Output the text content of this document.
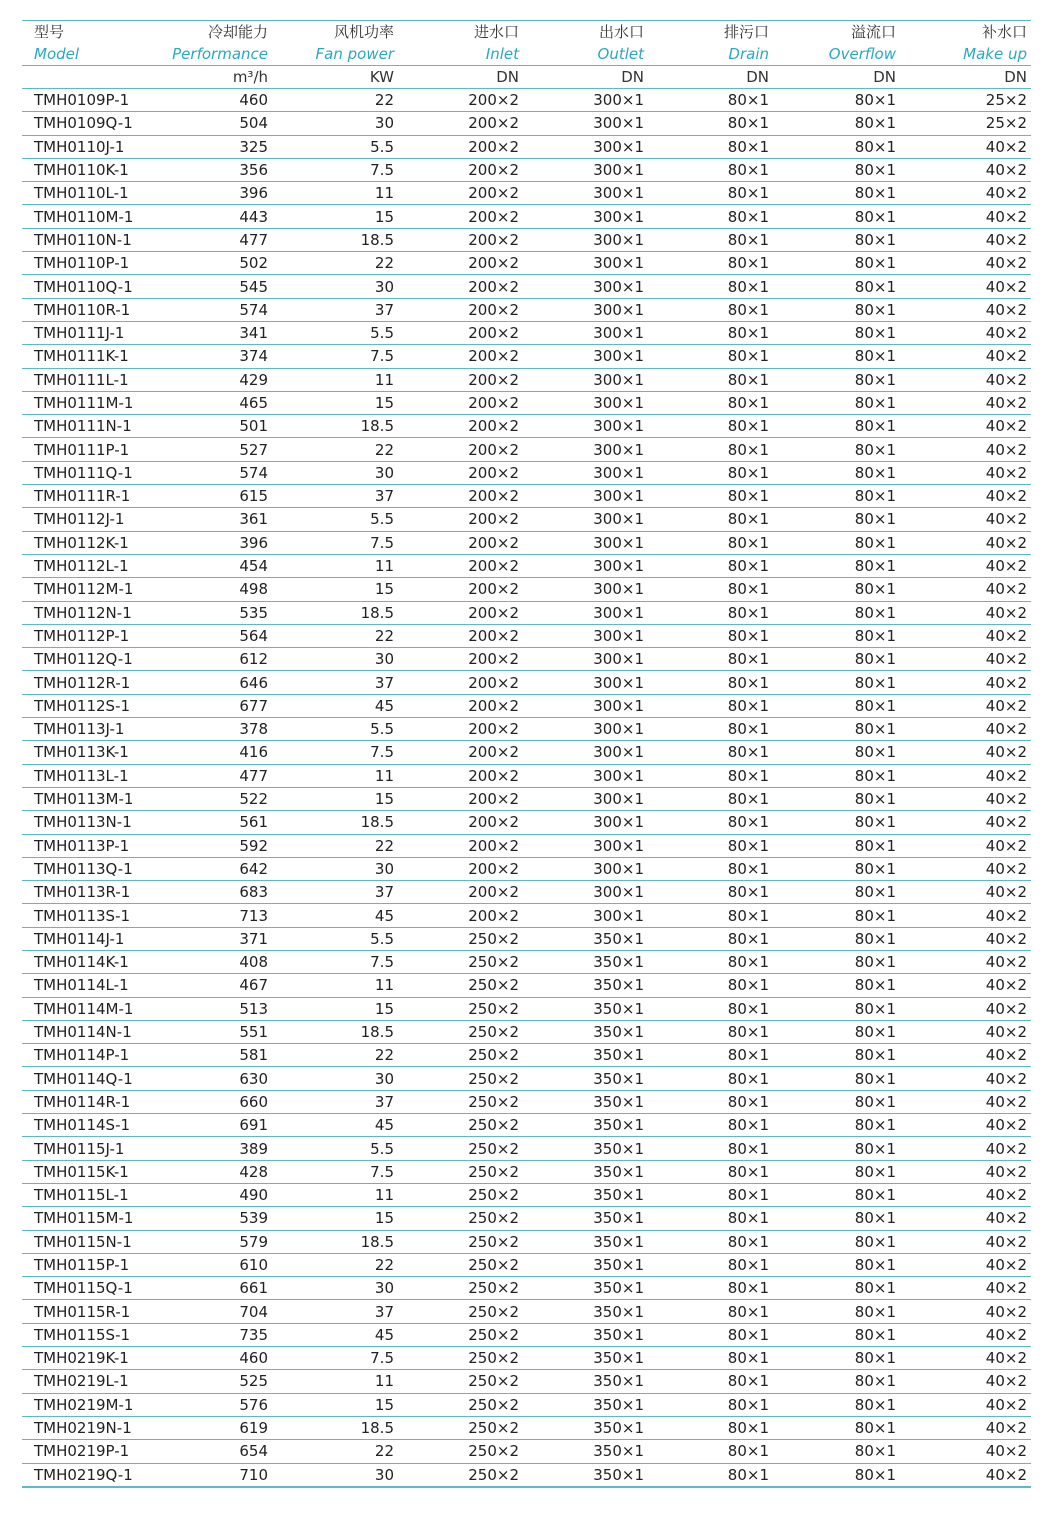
型号	冷却能力	风机功率	进水口	出水口	排污口	溢流口	补水口
Model	Performance	Fan power	Inlet	Outlet	Drain	Overflow	Make up
	m³/h	KW	DN	DN	DN	DN	DN
TMH0109P-1	460	22	200×2	300×1	80×1	80×1	25×2
TMH0109Q-1	504	30	200×2	300×1	80×1	80×1	25×2
TMH0110J-1	325	5.5	200×2	300×1	80×1	80×1	40×2
TMH0110K-1	356	7.5	200×2	300×1	80×1	80×1	40×2
TMH0110L-1	396	11	200×2	300×1	80×1	80×1	40×2
TMH0110M-1	443	15	200×2	300×1	80×1	80×1	40×2
TMH0110N-1	477	18.5	200×2	300×1	80×1	80×1	40×2
TMH0110P-1	502	22	200×2	300×1	80×1	80×1	40×2
TMH0110Q-1	545	30	200×2	300×1	80×1	80×1	40×2
TMH0110R-1	574	37	200×2	300×1	80×1	80×1	40×2
TMH0111J-1	341	5.5	200×2	300×1	80×1	80×1	40×2
TMH0111K-1	374	7.5	200×2	300×1	80×1	80×1	40×2
TMH0111L-1	429	11	200×2	300×1	80×1	80×1	40×2
TMH0111M-1	465	15	200×2	300×1	80×1	80×1	40×2
TMH0111N-1	501	18.5	200×2	300×1	80×1	80×1	40×2
TMH0111P-1	527	22	200×2	300×1	80×1	80×1	40×2
TMH0111Q-1	574	30	200×2	300×1	80×1	80×1	40×2
TMH0111R-1	615	37	200×2	300×1	80×1	80×1	40×2
TMH0112J-1	361	5.5	200×2	300×1	80×1	80×1	40×2
TMH0112K-1	396	7.5	200×2	300×1	80×1	80×1	40×2
TMH0112L-1	454	11	200×2	300×1	80×1	80×1	40×2
TMH0112M-1	498	15	200×2	300×1	80×1	80×1	40×2
TMH0112N-1	535	18.5	200×2	300×1	80×1	80×1	40×2
TMH0112P-1	564	22	200×2	300×1	80×1	80×1	40×2
TMH0112Q-1	612	30	200×2	300×1	80×1	80×1	40×2
TMH0112R-1	646	37	200×2	300×1	80×1	80×1	40×2
TMH0112S-1	677	45	200×2	300×1	80×1	80×1	40×2
TMH0113J-1	378	5.5	200×2	300×1	80×1	80×1	40×2
TMH0113K-1	416	7.5	200×2	300×1	80×1	80×1	40×2
TMH0113L-1	477	11	200×2	300×1	80×1	80×1	40×2
TMH0113M-1	522	15	200×2	300×1	80×1	80×1	40×2
TMH0113N-1	561	18.5	200×2	300×1	80×1	80×1	40×2
TMH0113P-1	592	22	200×2	300×1	80×1	80×1	40×2
TMH0113Q-1	642	30	200×2	300×1	80×1	80×1	40×2
TMH0113R-1	683	37	200×2	300×1	80×1	80×1	40×2
TMH0113S-1	713	45	200×2	300×1	80×1	80×1	40×2
TMH0114J-1	371	5.5	250×2	350×1	80×1	80×1	40×2
TMH0114K-1	408	7.5	250×2	350×1	80×1	80×1	40×2
TMH0114L-1	467	11	250×2	350×1	80×1	80×1	40×2
TMH0114M-1	513	15	250×2	350×1	80×1	80×1	40×2
TMH0114N-1	551	18.5	250×2	350×1	80×1	80×1	40×2
TMH0114P-1	581	22	250×2	350×1	80×1	80×1	40×2
TMH0114Q-1	630	30	250×2	350×1	80×1	80×1	40×2
TMH0114R-1	660	37	250×2	350×1	80×1	80×1	40×2
TMH0114S-1	691	45	250×2	350×1	80×1	80×1	40×2
TMH0115J-1	389	5.5	250×2	350×1	80×1	80×1	40×2
TMH0115K-1	428	7.5	250×2	350×1	80×1	80×1	40×2
TMH0115L-1	490	11	250×2	350×1	80×1	80×1	40×2
TMH0115M-1	539	15	250×2	350×1	80×1	80×1	40×2
TMH0115N-1	579	18.5	250×2	350×1	80×1	80×1	40×2
TMH0115P-1	610	22	250×2	350×1	80×1	80×1	40×2
TMH0115Q-1	661	30	250×2	350×1	80×1	80×1	40×2
TMH0115R-1	704	37	250×2	350×1	80×1	80×1	40×2
TMH0115S-1	735	45	250×2	350×1	80×1	80×1	40×2
TMH0219K-1	460	7.5	250×2	350×1	80×1	80×1	40×2
TMH0219L-1	525	11	250×2	350×1	80×1	80×1	40×2
TMH0219M-1	576	15	250×2	350×1	80×1	80×1	40×2
TMH0219N-1	619	18.5	250×2	350×1	80×1	80×1	40×2
TMH0219P-1	654	22	250×2	350×1	80×1	80×1	40×2
TMH0219Q-1	710	30	250×2	350×1	80×1	80×1	40×2
